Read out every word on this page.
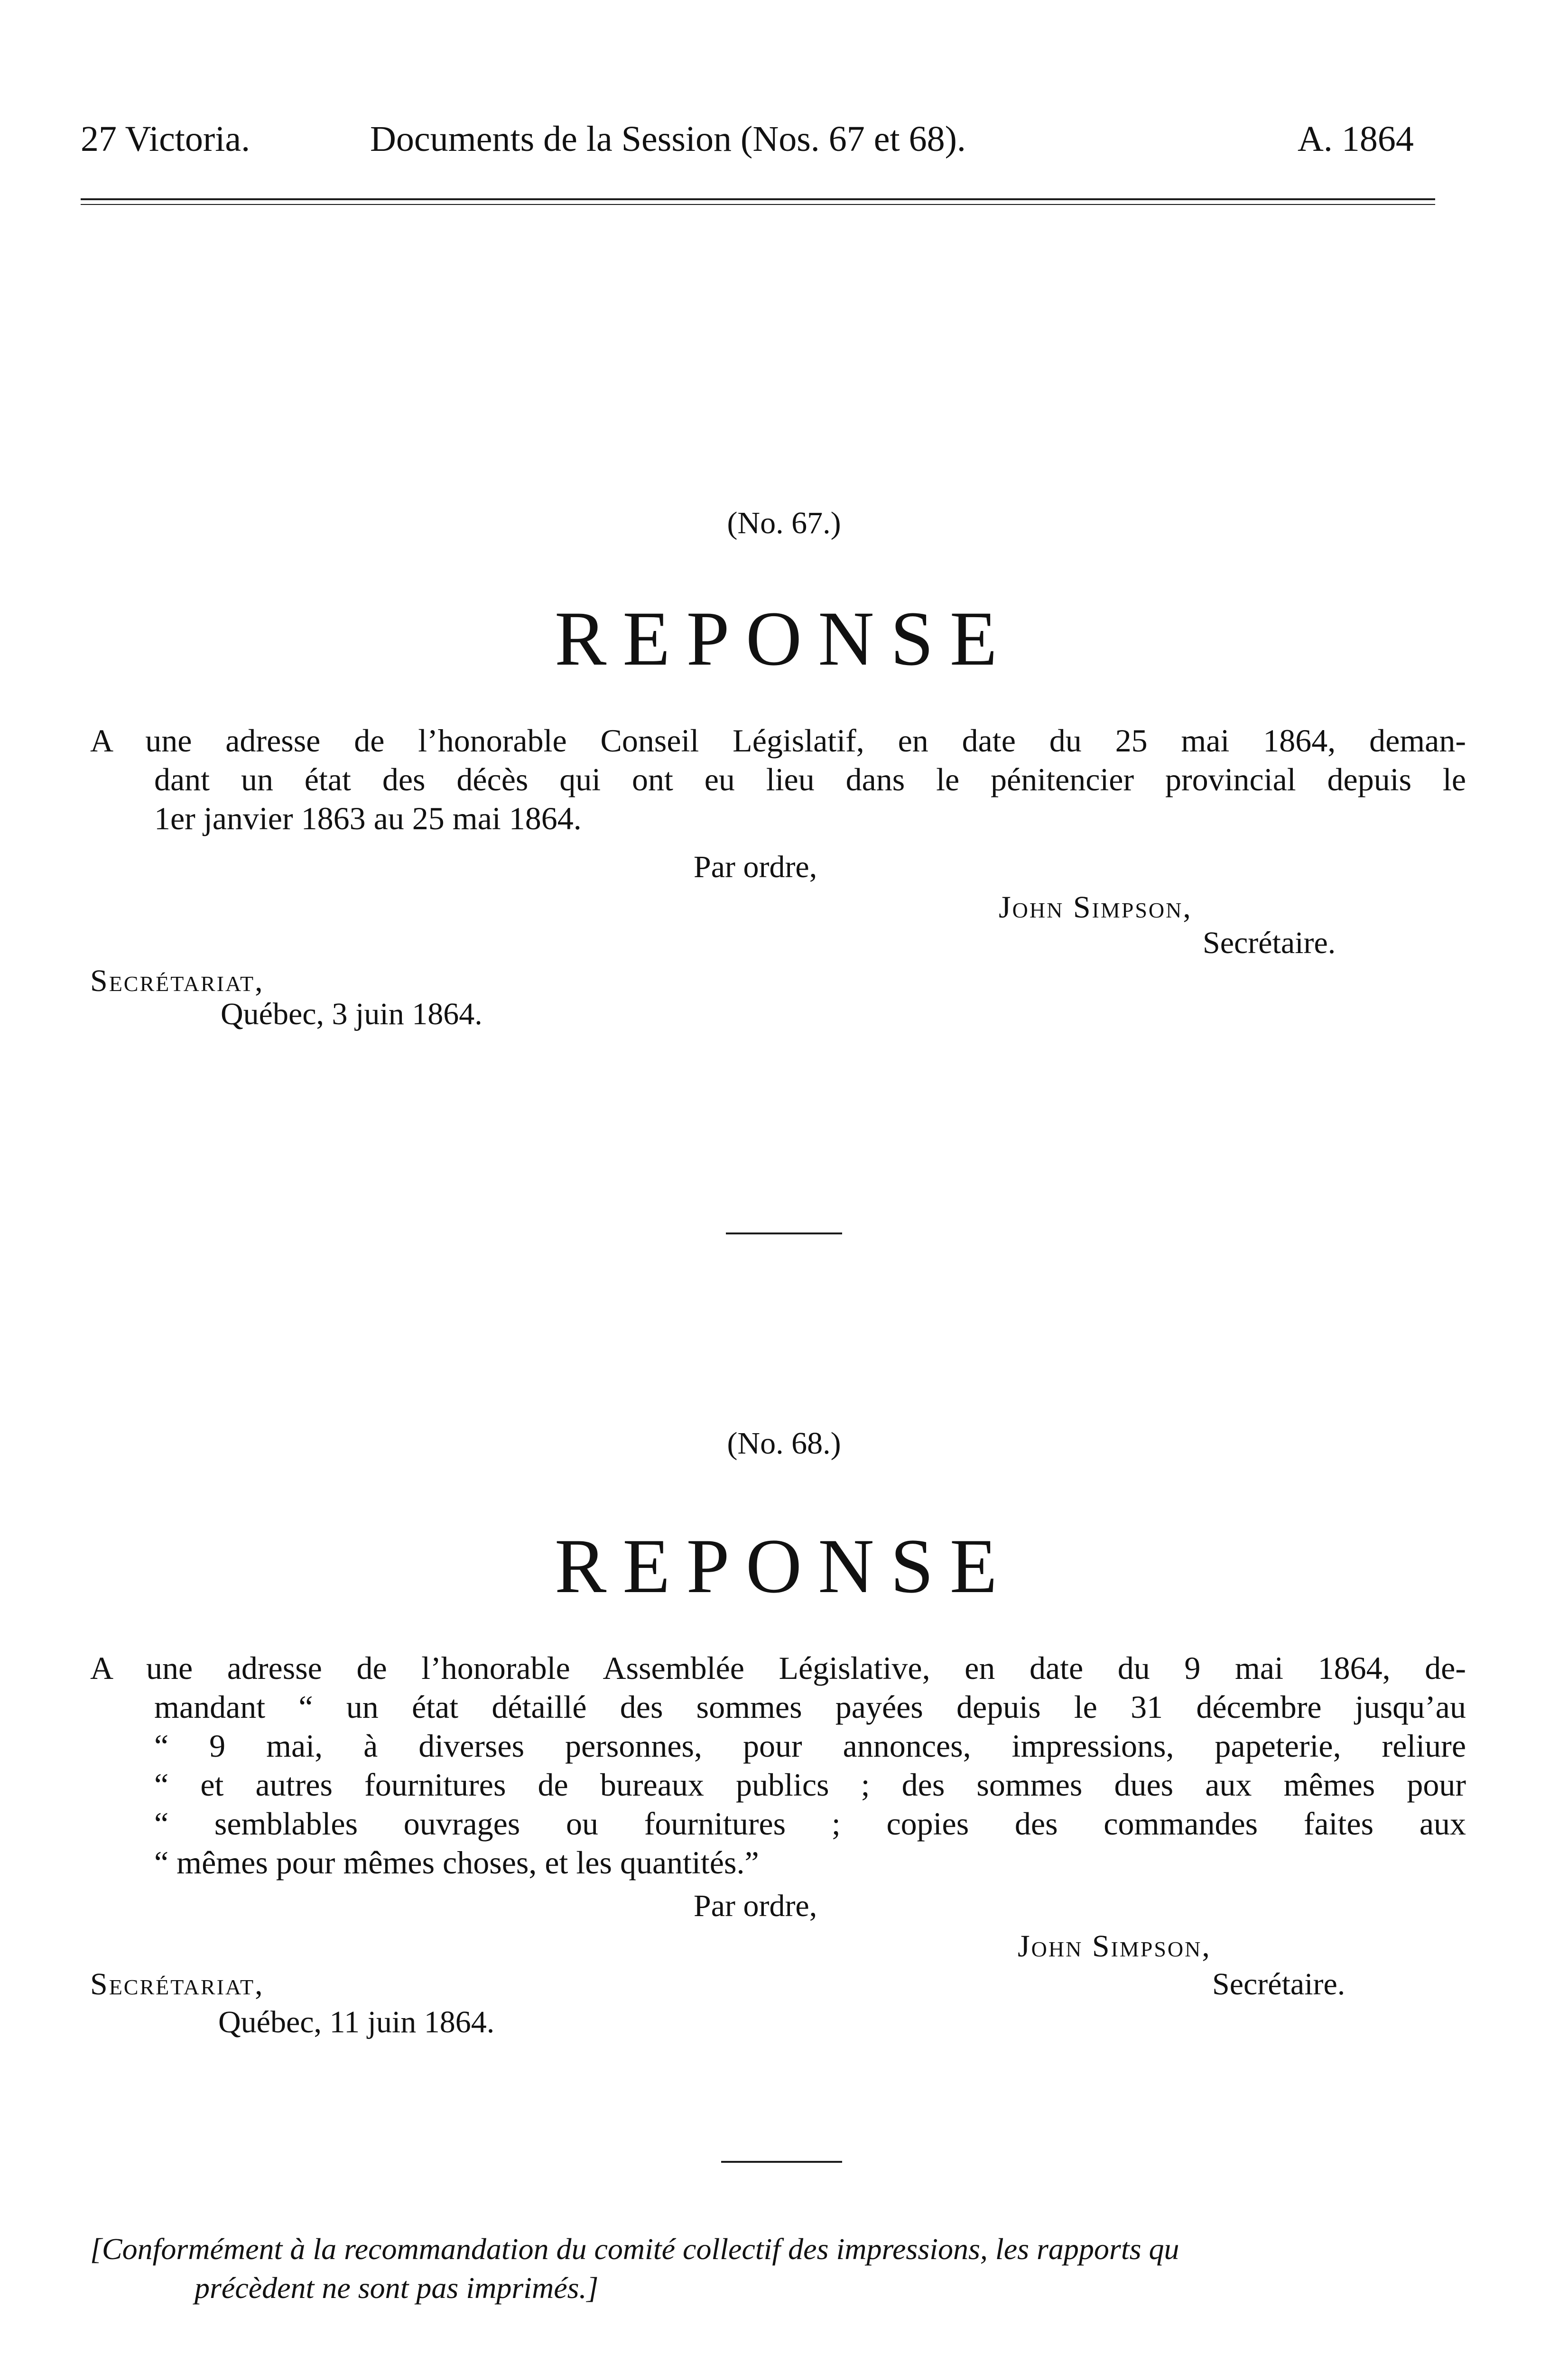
27 Victoria.	Documents de la Session (Nos. 67 et 68).	A. 1864
(No. 67.)
REPONSE
A une adresse de l’honorable Conseil Législatif, en date du 25 mai 1864, deman-
dant un état des décès qui ont eu lieu dans le pénitencier provincial depuis le
1er janvier 1863 au 25 mai 1864.
Par ordre,
John Simpson,
Secrétaire.
Secrétariat,
Québec, 3 juin 1864.
(No. 68.)
REPONSE
A une adresse de l’honorable Assemblée Législative, en date du 9 mai 1864, de-
mandant “ un état détaillé des sommes payées depuis le 31 décembre jusqu’au
“ 9 mai, à diverses personnes, pour annonces, impressions, papeterie, reliure
“ et autres fournitures de bureaux publics ; des sommes dues aux mêmes pour
“ semblables ouvrages ou fournitures ; copies des commandes faites aux
“ mêmes pour mêmes choses, et les quantités.”
Par ordre,
John Simpson,
Secrétariat,	Secrétaire.
Québec, 11 juin 1864.
[Conformément à la recommandation du comité collectif des impressions, les rapports qu
précèdent ne sont pas imprimés.]
